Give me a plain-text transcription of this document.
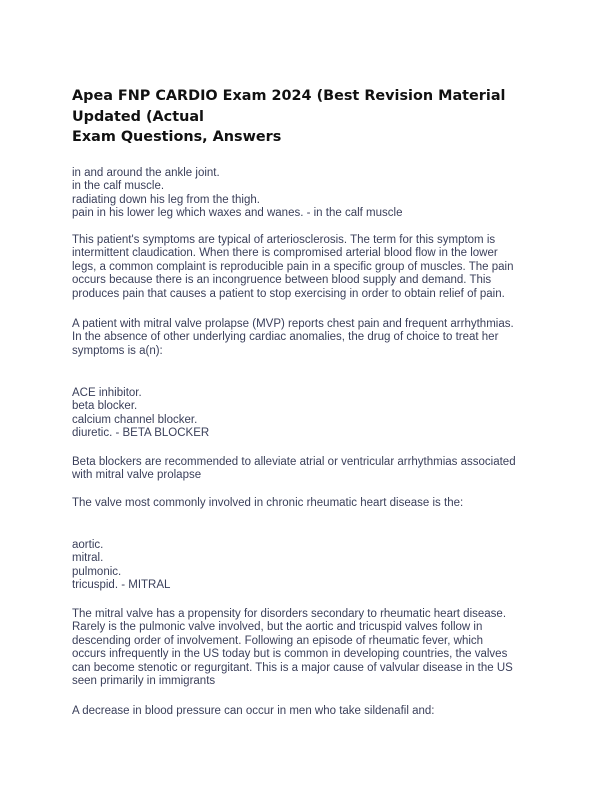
Apea FNP CARDIO Exam 2024 (Best Revision Material Updated (Actual
Exam Questions, Answers

in and around the ankle joint.
in the calf muscle.
radiating down his leg from the thigh.
pain in his lower leg which waxes and wanes. - in the calf muscle

This patient's symptoms are typical of arteriosclerosis. The term for this symptom is
intermittent claudication. When there is compromised arterial blood flow in the lower
legs, a common complaint is reproducible pain in a specific group of muscles. The pain
occurs because there is an incongruence between blood supply and demand. This
produces pain that causes a patient to stop exercising in order to obtain relief of pain.

A patient with mitral valve prolapse (MVP) reports chest pain and frequent arrhythmias.
In the absence of other underlying cardiac anomalies, the drug of choice to treat her
symptoms is a(n):

ACE inhibitor.
beta blocker.
calcium channel blocker.
diuretic. - BETA BLOCKER

Beta blockers are recommended to alleviate atrial or ventricular arrhythmias associated
with mitral valve prolapse

The valve most commonly involved in chronic rheumatic heart disease is the:

aortic.
mitral.
pulmonic.
tricuspid. - MITRAL

The mitral valve has a propensity for disorders secondary to rheumatic heart disease.
Rarely is the pulmonic valve involved, but the aortic and tricuspid valves follow in
descending order of involvement. Following an episode of rheumatic fever, which
occurs infrequently in the US today but is common in developing countries, the valves
can become stenotic or regurgitant. This is a major cause of valvular disease in the US
seen primarily in immigrants

A decrease in blood pressure can occur in men who take sildenafil and:
